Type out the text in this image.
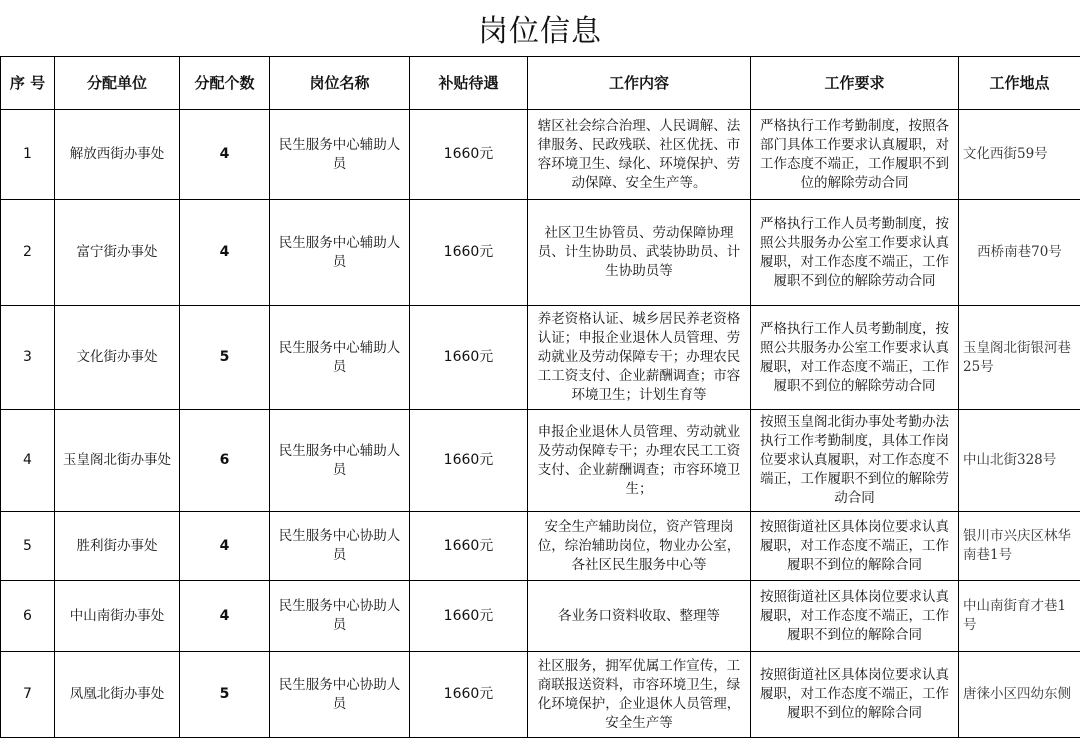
岗位信息
序 号	分配单位	分配个数	岗位名称	补贴待遇	工作内容	工作要求	工作地点
1	解放西街办事处	4	民生服务中心辅助人员	1660元	辖区社会综合治理、人民调解、法律服务、民政残联、社区优抚、市容环境卫生、绿化、环境保护、劳动保障、安全生产等。	严格执行工作考勤制度，按照各部门具体工作要求认真履职，对工作态度不端正，工作履职不到位的解除劳动合同	文化西街59号
2	富宁街办事处	4	民生服务中心辅助人员	1660元	社区卫生协管员、劳动保障协理员、计生协助员、武装协助员、计生协助员等	严格执行工作人员考勤制度，按照公共服务办公室工作要求认真履职，对工作态度不端正，工作履职不到位的解除劳动合同	西桥南巷70号
3	文化街办事处	5	民生服务中心辅助人员	1660元	养老资格认证、城乡居民养老资格认证；申报企业退休人员管理、劳动就业及劳动保障专干；办理农民工工资支付、企业薪酬调查；市容环境卫生；计划生育等	严格执行工作人员考勤制度，按照公共服务办公室工作要求认真履职，对工作态度不端正，工作履职不到位的解除劳动合同	玉皇阁北街银河巷25号
4	玉皇阁北街办事处	6	民生服务中心辅助人员	1660元	申报企业退休人员管理、劳动就业及劳动保障专干；办理农民工工资支付、企业薪酬调查；市容环境卫生；	按照玉皇阁北街办事处考勤办法执行工作考勤制度，具体工作岗位要求认真履职，对工作态度不端正，工作履职不到位的解除劳动合同	中山北街328号
5	胜利街办事处	4	民生服务中心协助人员	1660元	安全生产辅助岗位，资产管理岗位，综治辅助岗位，物业办公室，各社区民生服务中心等	按照街道社区具体岗位要求认真履职，对工作态度不端正，工作履职不到位的解除合同	银川市兴庆区林华南巷1号
6	中山南街办事处	4	民生服务中心协助人员	1660元	各业务口资料收取、整理等	按照街道社区具体岗位要求认真履职，对工作态度不端正，工作履职不到位的解除合同	中山南街育才巷1号
7	凤凰北街办事处	5	民生服务中心协助人员	1660元	社区服务，拥军优属工作宣传，工商联报送资料，市容环境卫生，绿化环境保护，企业退休人员管理，安全生产等	按照街道社区具体岗位要求认真履职，对工作态度不端正，工作履职不到位的解除合同	唐徕小区四幼东侧
